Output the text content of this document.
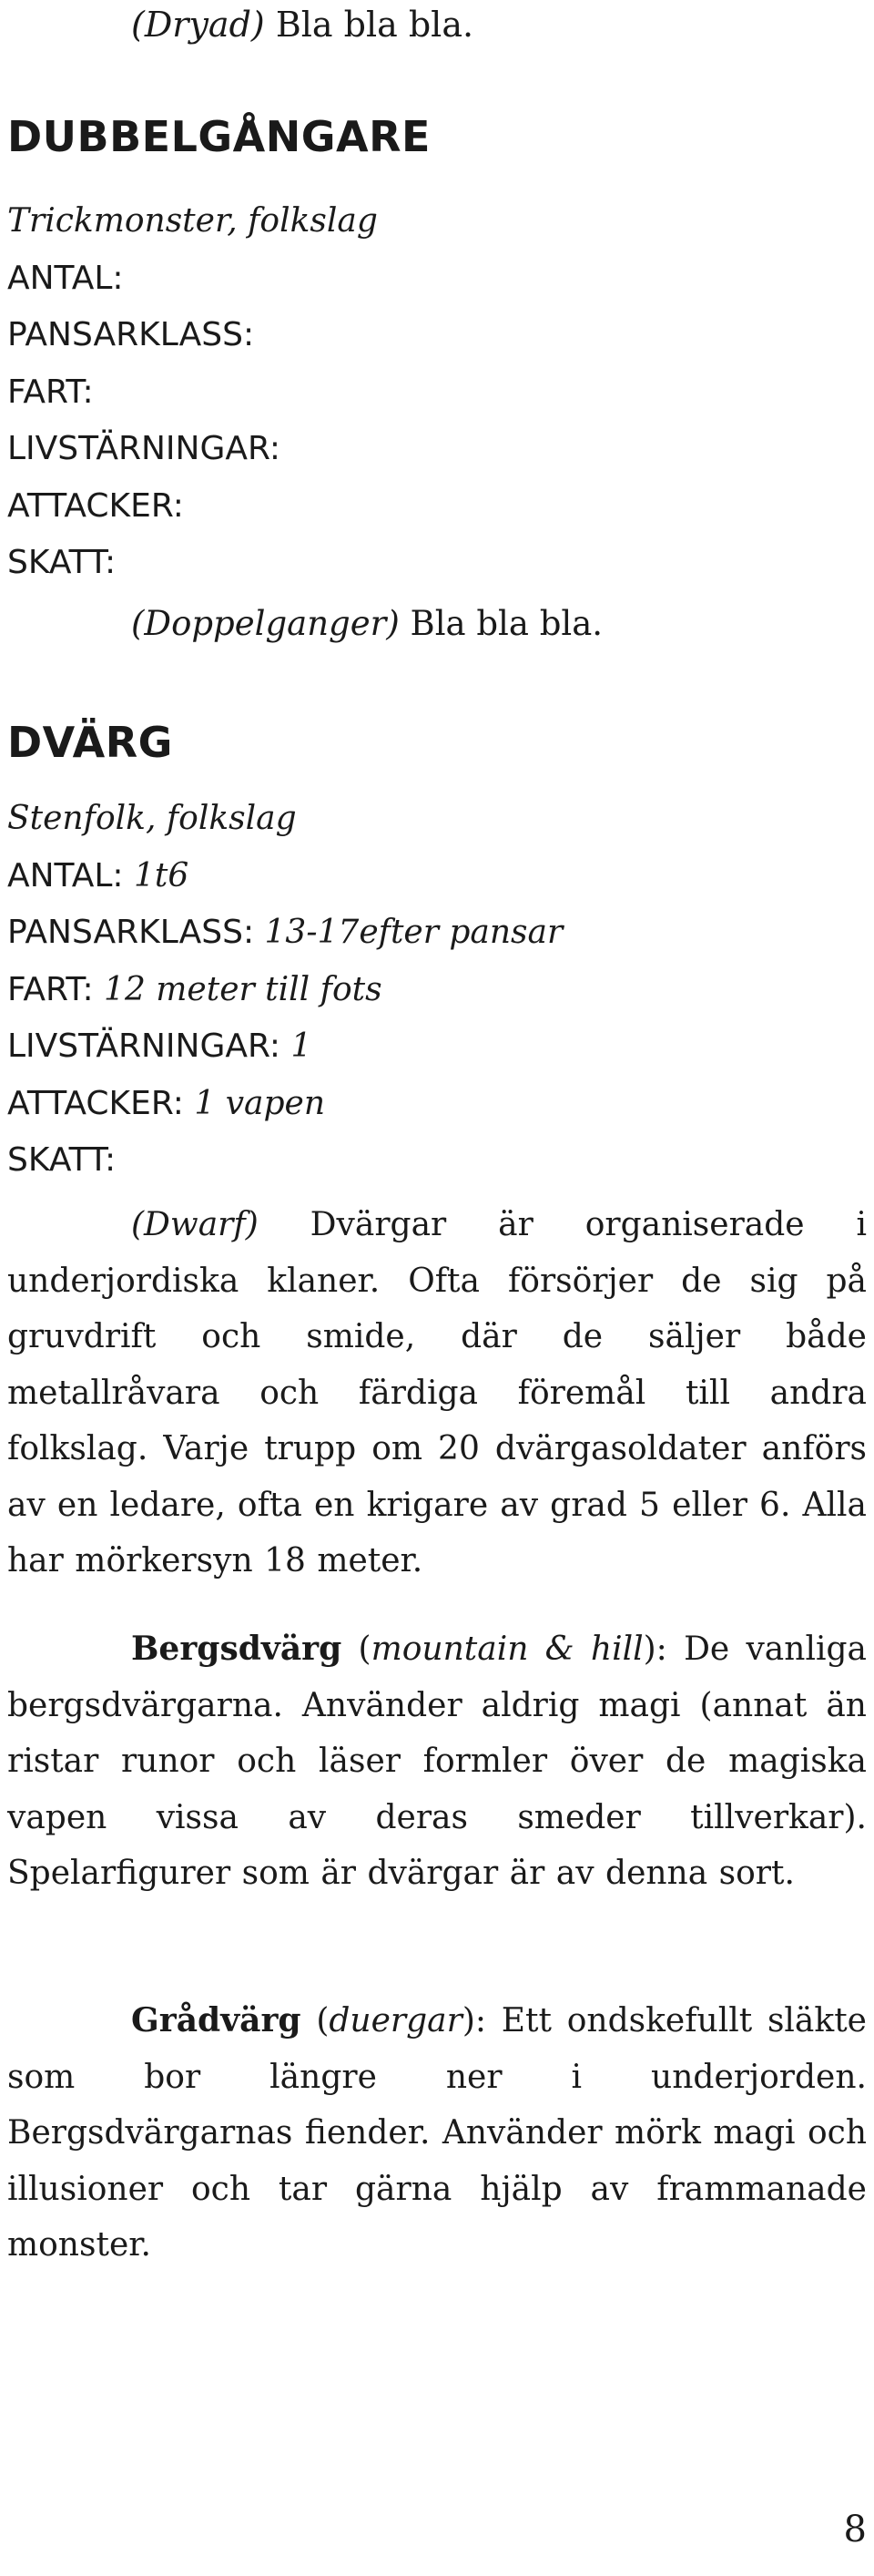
(Dryad) Bla bla bla.
DUBBELGÅNGARE
Trickmonster, folkslag
ANTAL:
PANSARKLASS:
FART:
LIVSTÄRNINGAR:
ATTACKER:
SKATT:
(Doppelganger) Bla bla bla.
DVÄRG
Stenfolk, folkslag
ANTAL: 1t6
PANSARKLASS: 13-17efter pansar
FART: 12 meter till fots
LIVSTÄRNINGAR: 1
ATTACKER: 1 vapen
SKATT:
(Dwarf) Dvärgar är organiserade i underjordiska klaner. Ofta försörjer de sig på gruvdrift och smide, där de säljer både metallråvara och färdiga föremål till andra folkslag. Varje trupp om 20 dvärgasoldater anförs av en ledare, ofta en krigare av grad 5 eller 6. Alla har mörkersyn 18 meter.
Bergsdvärg (mountain & hill): De vanliga bergsdvärgarna. Använder aldrig magi (annat än ristar runor och läser formler över de magiska vapen vissa av deras smeder tillverkar). Spelarfigurer som är dvärgar är av denna sort.
Grådvärg (duergar): Ett ondskefullt släkte som bor längre ner i underjorden. Bergsdvärgarnas fiender. Använder mörk magi och illusioner och tar gärna hjälp av frammanade monster.
8
